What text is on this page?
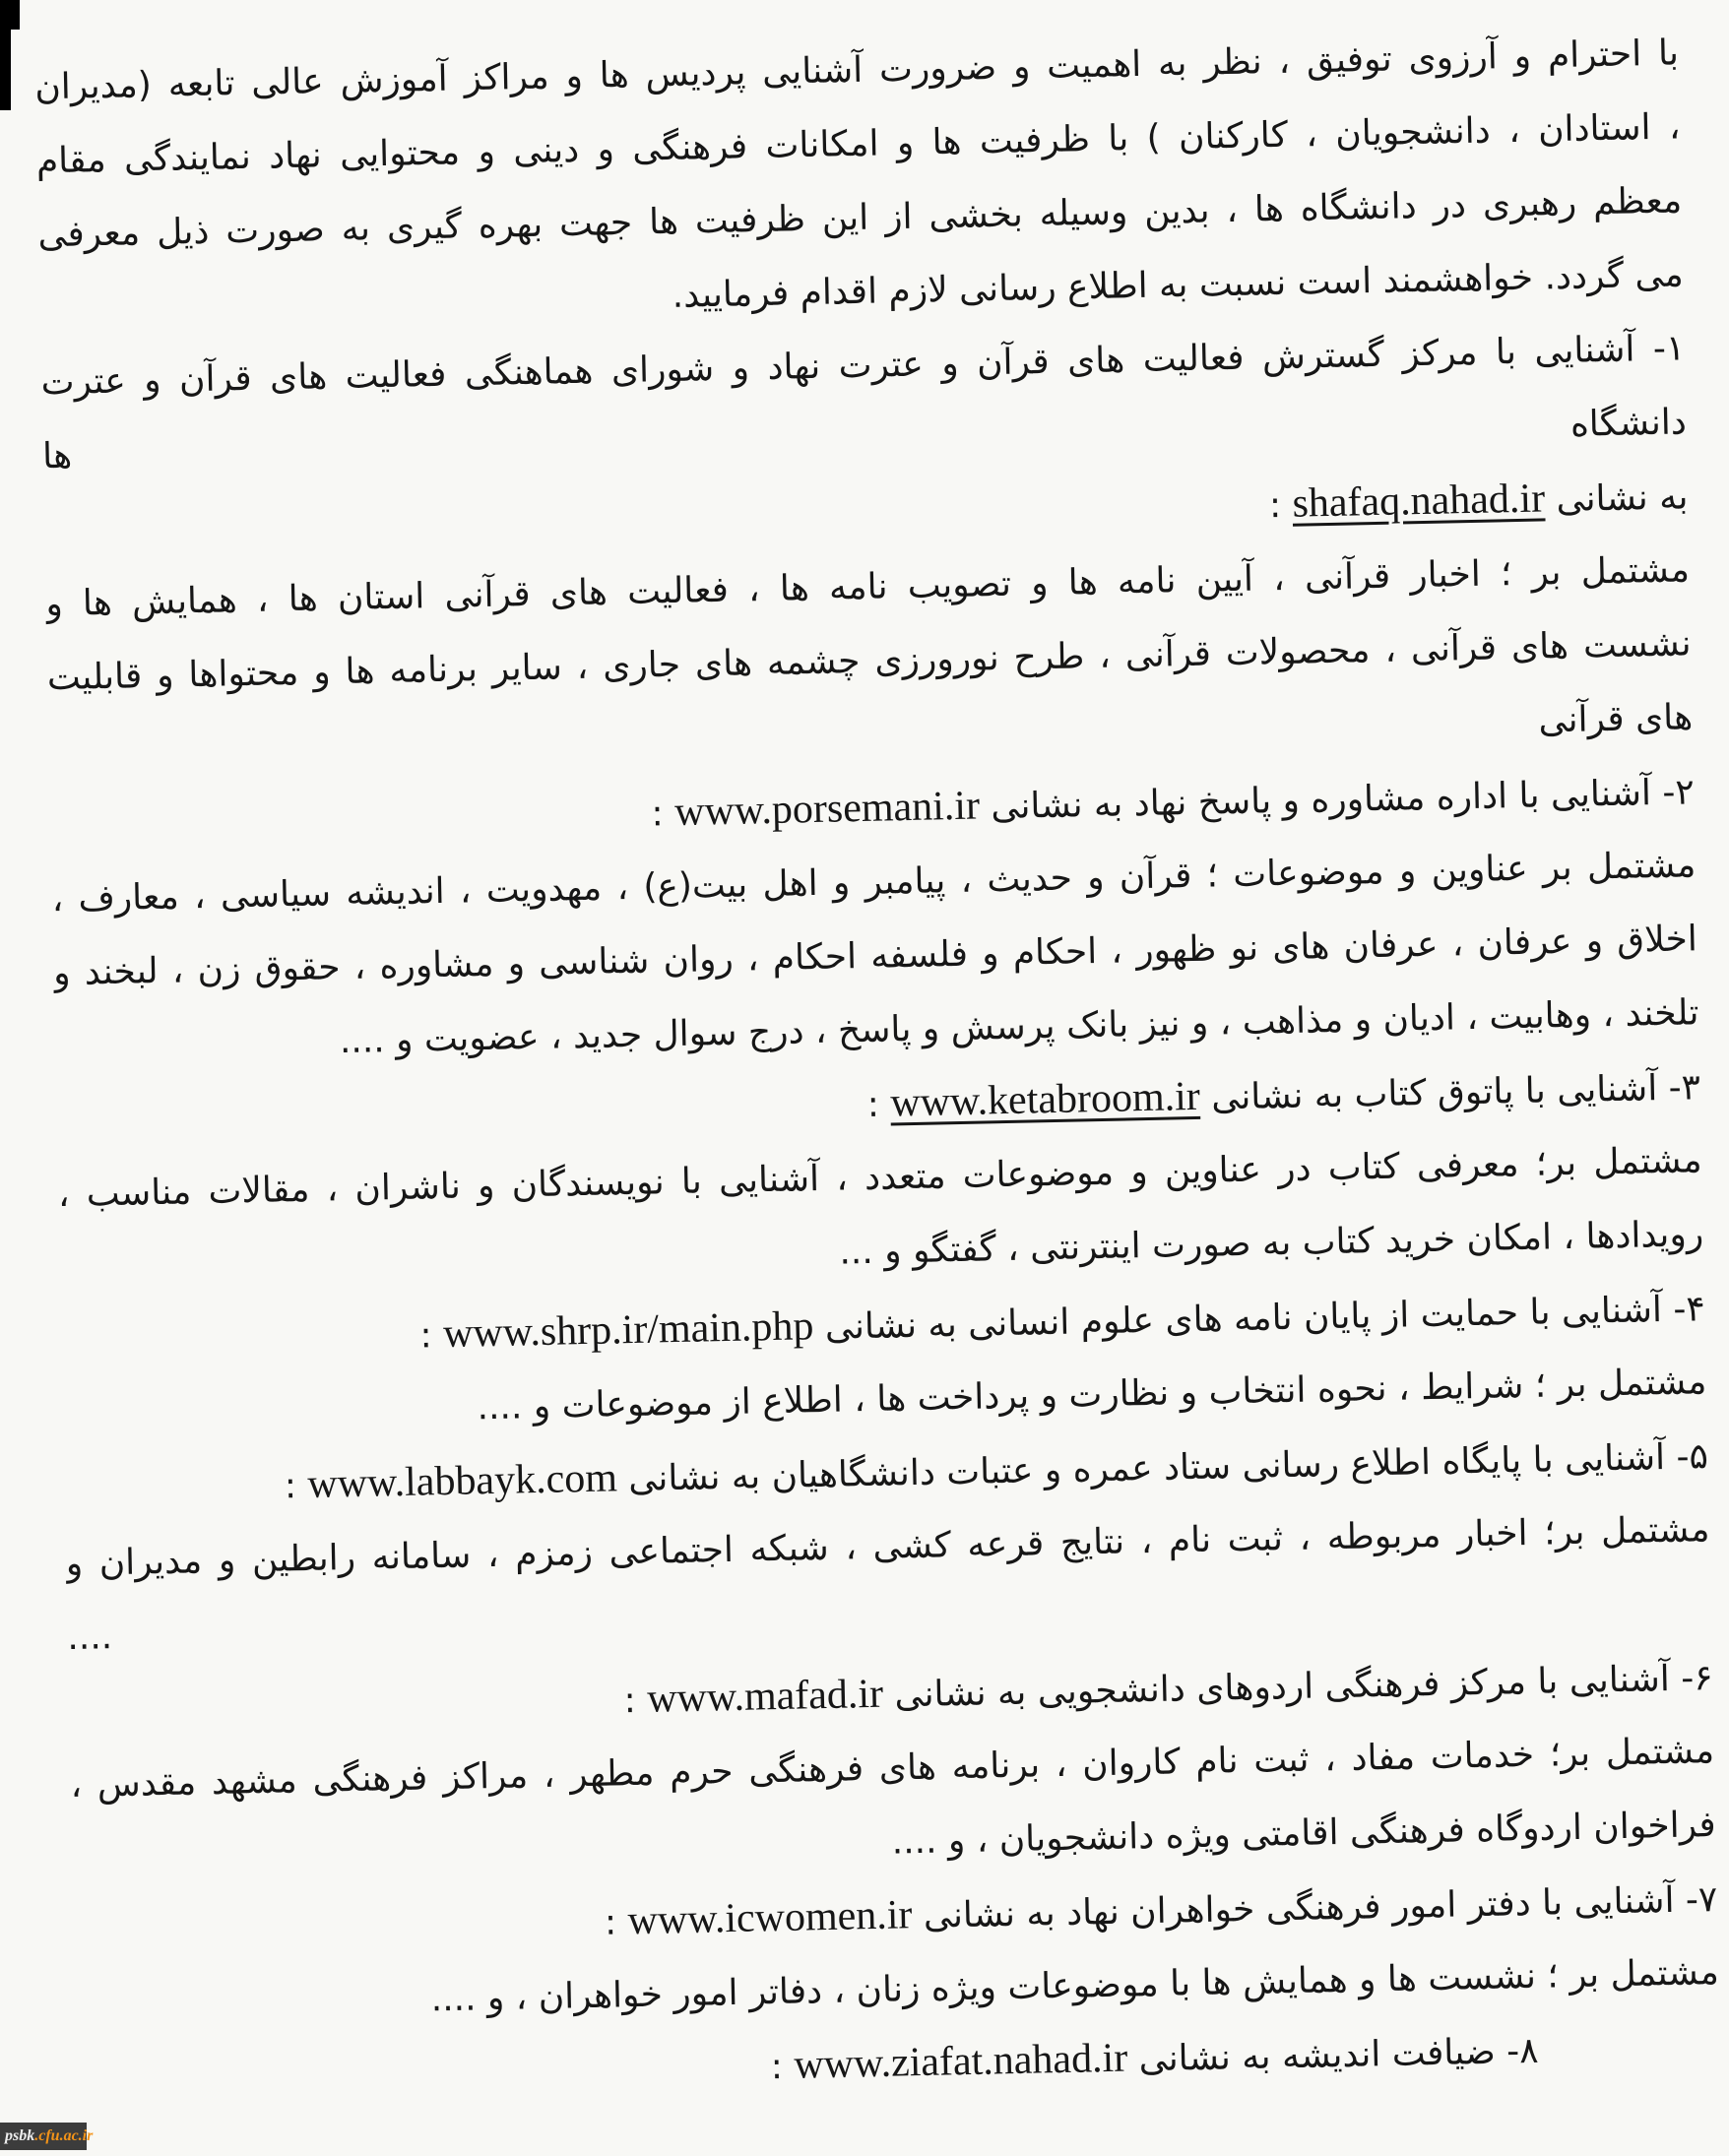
با احترام و آرزوی توفیق ، نظر به اهمیت و ضرورت آشنایی پردیس ها و مراکز آموزش عالی تابعه (مدیران
، استادان ، دانشجویان ، کارکنان ) با ظرفیت ها و امکانات فرهنگی و دینی و محتوایی نهاد نمایندگی مقام
معظم رهبری در دانشگاه ها ، بدین وسیله بخشی از این ظرفیت ها جهت بهره گیری به صورت ذیل معرفی
می گردد. خواهشمند است نسبت به اطلاع رسانی لازم اقدام فرمایید.
۱- آشنایی با مرکز گسترش فعالیت های قرآن و عترت نهاد و شورای هماهنگی فعالیت های قرآن و عترت
دانشگاه ها
به نشانی shafaq.nahad.ir :
مشتمل بر ؛ اخبار قرآنی ، آیین نامه ها و تصویب نامه ها ، فعالیت های قرآنی استان ها ، همایش ها و
نشست های قرآنی ، محصولات قرآنی ، طرح نورورزی چشمه های جاری ، سایر برنامه ها و محتواها و قابلیت
های قرآنی
۲- آشنایی با اداره مشاوره و پاسخ نهاد به نشانی www.porsemani.ir :
مشتمل بر عناوین و موضوعات ؛ قرآن و حدیث ، پیامبر و اهل بیت(ع) ، مهدویت ، اندیشه سیاسی ، معارف ،
اخلاق و عرفان ، عرفان های نو ظهور ، احکام و فلسفه احکام ، روان شناسی و مشاوره ، حقوق زن ، لبخند و
تلخند ، وهابیت ، ادیان و مذاهب ، و نیز بانک پرسش و پاسخ ، درج سوال جدید ، عضویت و ....
۳- آشنایی با پاتوق کتاب به نشانی www.ketabroom.ir :
مشتمل بر؛ معرفی کتاب در عناوین و موضوعات متعدد ، آشنایی با نویسندگان و ناشران ، مقالات مناسب ،
رویدادها ، امکان خرید کتاب به صورت اینترنتی ، گفتگو و ...
۴- آشنایی با حمایت از پایان نامه های علوم انسانی به نشانی www.shrp.ir/main.php :
مشتمل بر ؛ شرایط ، نحوه انتخاب و نظارت و پرداخت ها ، اطلاع از موضوعات و ....
۵- آشنایی با پایگاه اطلاع رسانی ستاد عمره و عتبات دانشگاهیان به نشانی www.labbayk.com :
مشتمل بر؛ اخبار مربوطه ، ثبت نام ، نتایج قرعه کشی ، شبکه اجتماعی زمزم ، سامانه رابطین و مدیران و
....
۶- آشنایی با مرکز فرهنگی اردوهای دانشجویی به نشانی www.mafad.ir :
مشتمل بر؛ خدمات مفاد ، ثبت نام کاروان ، برنامه های فرهنگی حرم مطهر ، مراکز فرهنگی مشهد مقدس ،
فراخوان اردوگاه فرهنگی اقامتی ویژه دانشجویان ، و ....
۷- آشنایی با دفتر امور فرهنگی خواهران نهاد به نشانی www.icwomen.ir :
مشتمل بر ؛ نشست ها و همایش ها با موضوعات ویژه زنان ، دفاتر امور خواهران ، و ....
۸- ضیافت اندیشه به نشانی www.ziafat.nahad.ir :
psbk .cfu.ac.ir
